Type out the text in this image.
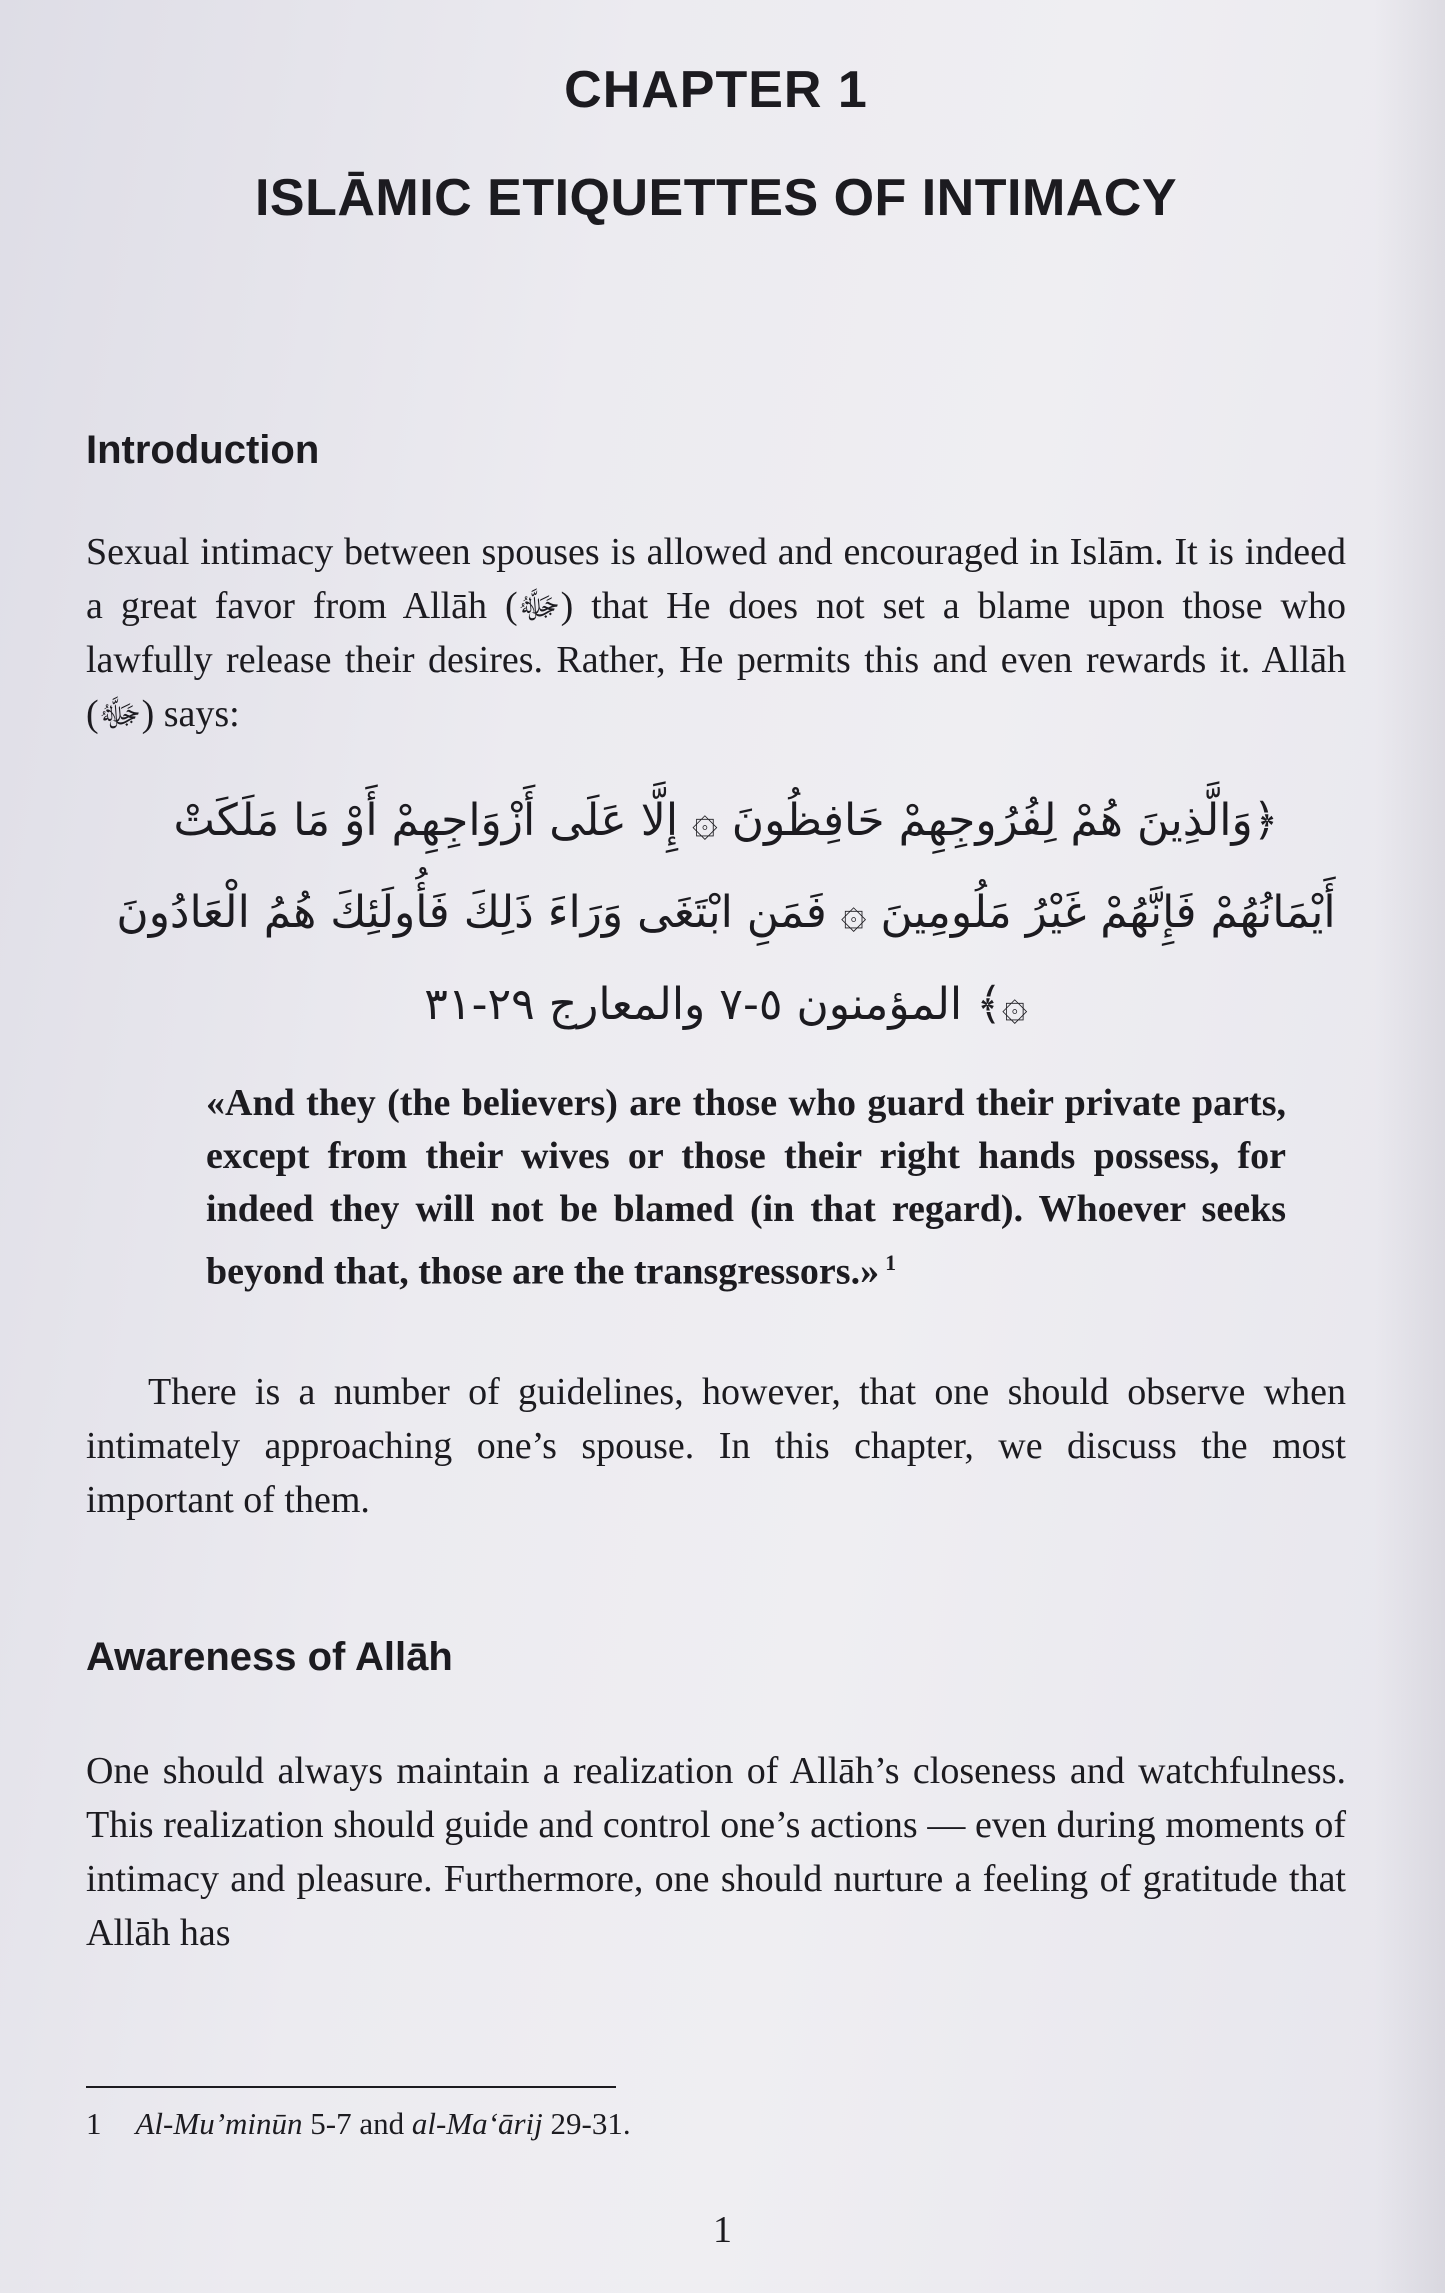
CHAPTER 1
ISLĀMIC ETIQUETTES OF INTIMACY
Introduction

Sexual intimacy between spouses is allowed and encouraged in Islām. It is indeed a great favor from Allāh (ﷻ) that He does not set a blame upon those who lawfully release their desires. Rather, He permits this and even rewards it. Allāh (ﷻ) says:

﴿وَالَّذِينَ هُمْ لِفُرُوجِهِمْ حَافِظُونَ ۞ إِلَّا عَلَى أَزْوَاجِهِمْ أَوْ مَا مَلَكَتْ أَيْمَانُهُمْ فَإِنَّهُمْ غَيْرُ مَلُومِينَ ۞ فَمَنِ ابْتَغَى وَرَاءَ ذَلِكَ فَأُولَئِكَ هُمُ الْعَادُونَ ۞﴾ المؤمنون ٥-٧ والمعارج ٢٩-٣١

«And they (the believers) are those who guard their private parts, except from their wives or those their right hands possess, for indeed they will not be blamed (in that regard). Whoever seeks beyond that, those are the transgressors.» $^1$

There is a number of guidelines, however, that one should observe when intimately approaching one’s spouse. In this chapter, we discuss the most important of them.

Awareness of Allāh

One should always maintain a realization of Allāh’s closeness and watchfulness. This realization should guide and control one’s actions — even during moments of intimacy and pleasure. Furthermore, one should nurture a feeling of gratitude that Allāh has

1 Al-Mu’minūn 5-7 and al-Ma‘ārij 29-31.
1
